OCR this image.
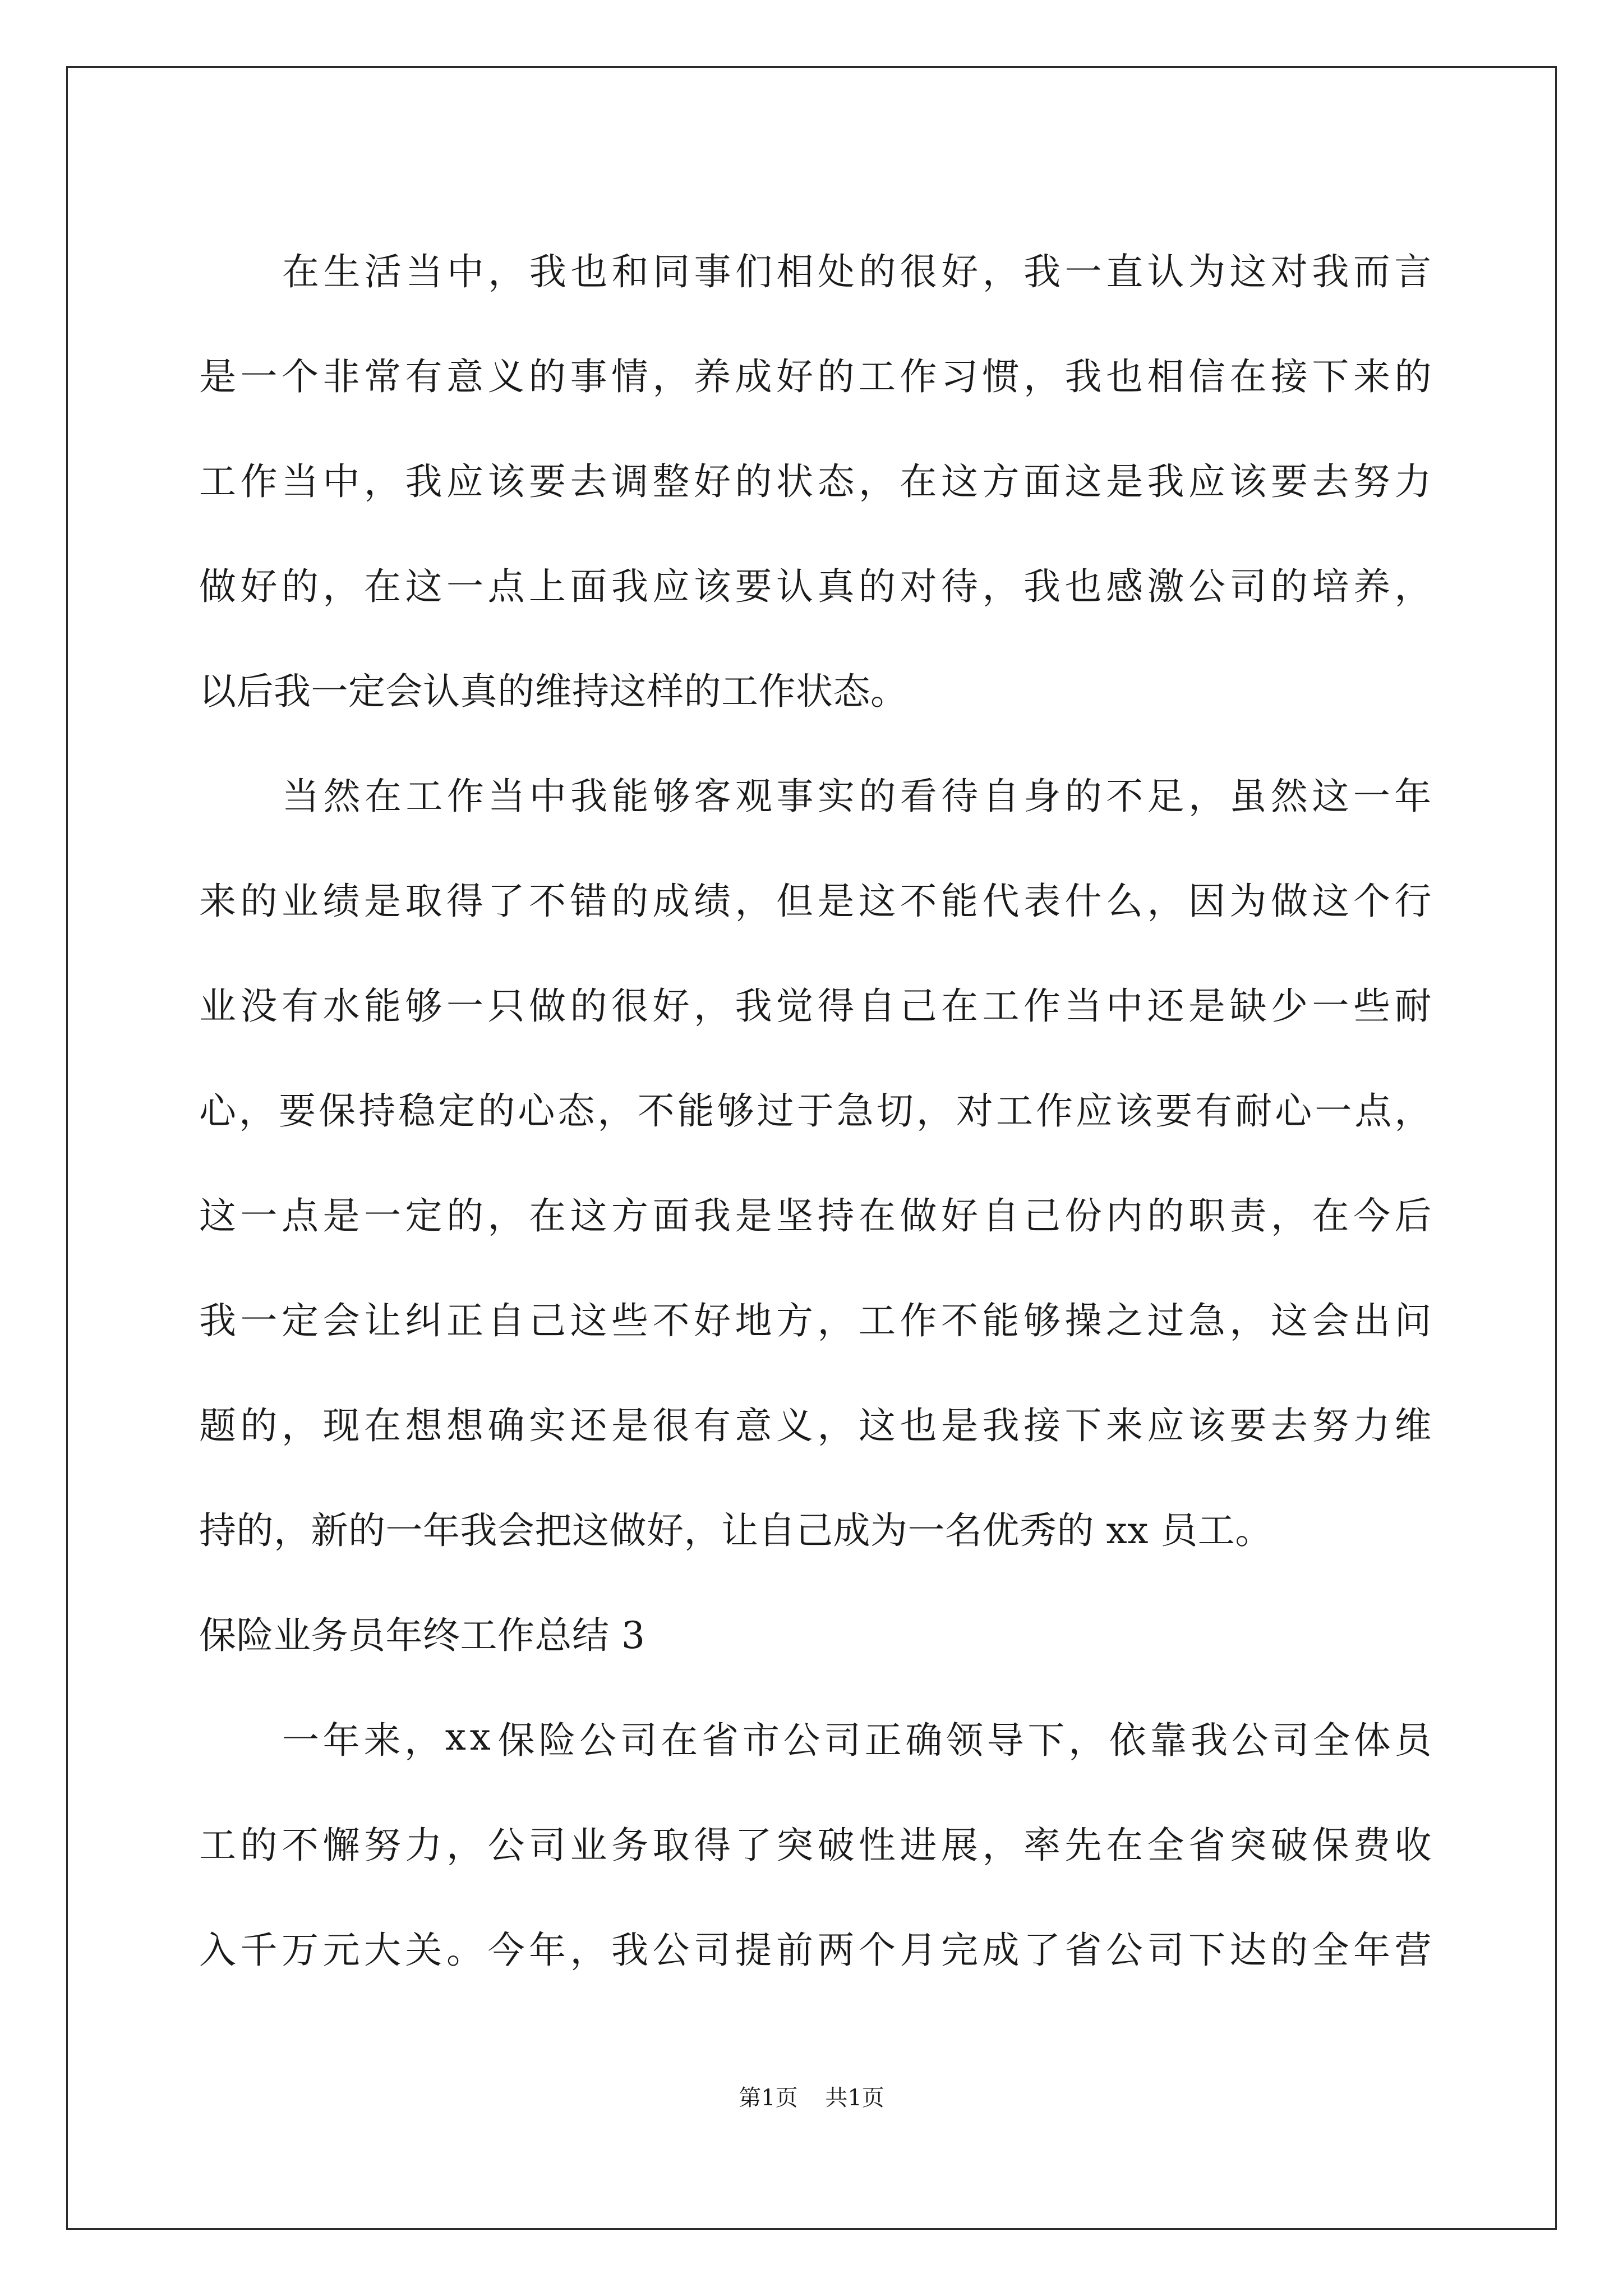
在 生 活 当 中 ， 我 也 和 同 事 们 相 处 的 很 好 ， 我 一 直 认 为 这 对 我 而 言
是 一 个 非 常 有 意 义 的 事 情 ， 养 成 好 的 工 作 习 惯 ， 我 也 相 信 在 接 下 来 的
工 作 当 中 ， 我 应 该 要 去 调 整 好 的 状 态 ， 在 这 方 面 这 是 我 应 该 要 去 努 力
做 好 的 ， 在 这 一 点 上 面 我 应 该 要 认 真 的 对 待 ， 我 也 感 激 公 司 的 培 养 ，
以后我一定会认真的维持这样的工作状态。
当 然 在 工 作 当 中 我 能 够 客 观 事 实 的 看 待 自 身 的 不 足 ， 虽 然 这 一 年
来 的 业 绩 是 取 得 了 不 错 的 成 绩 ， 但 是 这 不 能 代 表 什 么 ， 因 为 做 这 个 行
业 没 有 水 能 够 一 只 做 的 很 好 ， 我 觉 得 自 己 在 工 作 当 中 还 是 缺 少 一 些 耐
心 ， 要 保 持 稳 定 的 心 态 ， 不 能 够 过 于 急 切 ， 对 工 作 应 该 要 有 耐 心 一 点 ，
这 一 点 是 一 定 的 ， 在 这 方 面 我 是 坚 持 在 做 好 自 己 份 内 的 职 责 ， 在 今 后
我 一 定 会 让 纠 正 自 己 这 些 不 好 地 方 ， 工 作 不 能 够 操 之 过 急 ， 这 会 出 问
题 的 ， 现 在 想 想 确 实 还 是 很 有 意 义 ， 这 也 是 我 接 下 来 应 该 要 去 努 力 维
持的，新的一年我会把这做好，让自己成为一名优秀的 xx 员工。
保险业务员年终工作总结 3
一 年 来 ， x x 保 险 公 司 在 省 市 公 司 正 确 领 导 下 ， 依 靠 我 公 司 全 体 员
工 的 不 懈 努 力 ， 公 司 业 务 取 得 了 突 破 性 进 展 ， 率 先 在 全 省 突 破 保 费 收
入 千 万 元 大 关 。 今 年 ， 我 公 司 提 前 两 个 月 完 成 了 省 公 司 下 达 的 全 年 营
第1页 共1页
